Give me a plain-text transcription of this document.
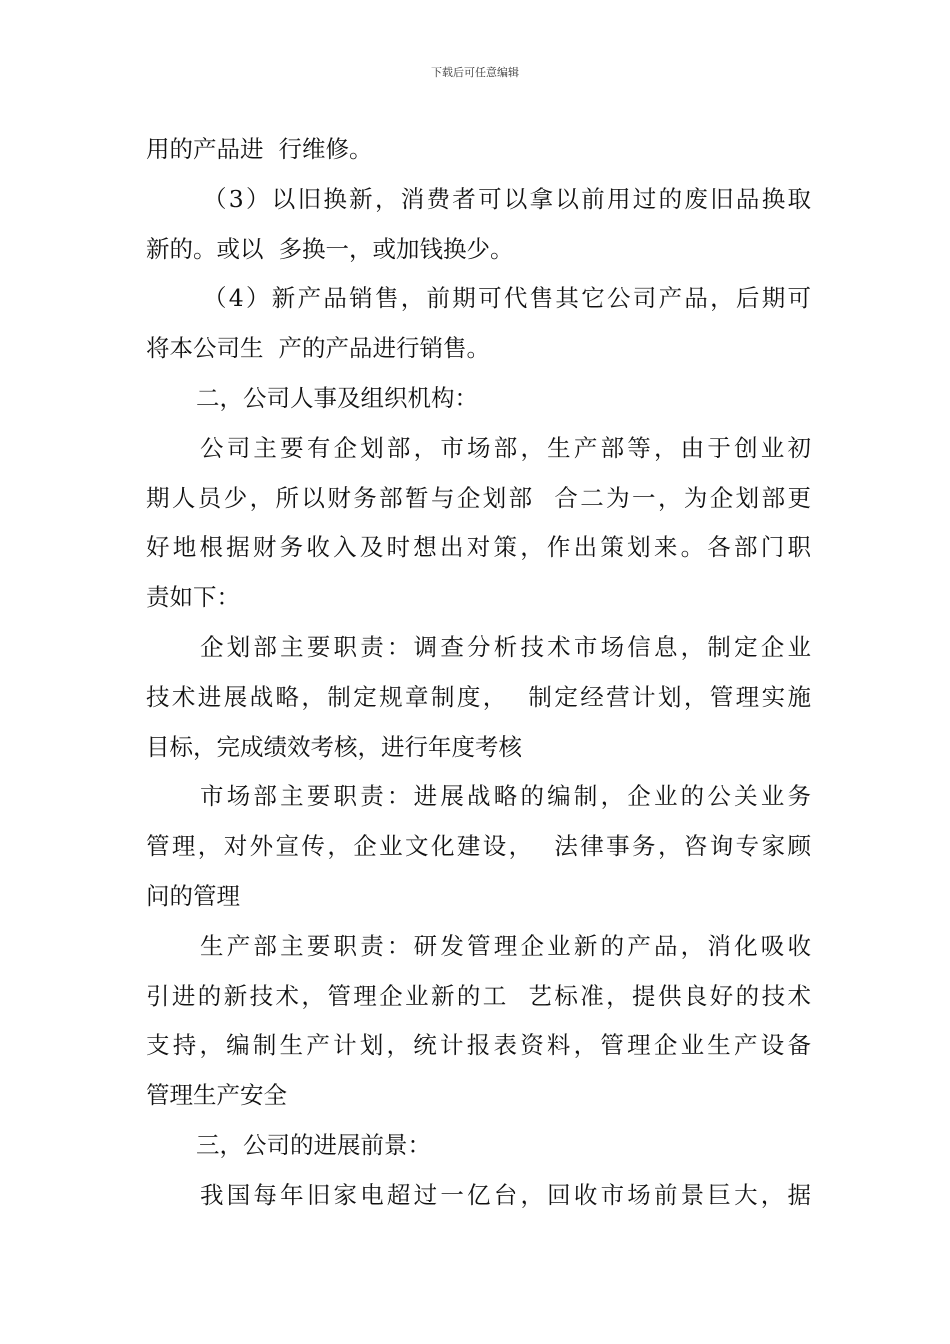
下载后可任意编辑
用的产品进  行维修。
（3）以旧换新，消费者可以拿以前用过的废旧品换取
新的。或以  多换一，或加钱换少。
（4）新产品销售，前期可代售其它公司产品，后期可
将本公司生  产的产品进行销售。
二，公司人事及组织机构：
公司主要有企划部，市场部，生产部等，由于创业初
期人员少，所以财务部暂与企划部  合二为一，为企划部更
好地根据财务收入及时想出对策，作出策划来。各部门职
责如下：
企划部主要职责：调查分析技术市场信息，制定企业
技术进展战略，制定规章制度，  制定经营计划，管理实施
目标，完成绩效考核，进行年度考核
市场部主要职责：进展战略的编制，企业的公关业务
管理，对外宣传，企业文化建设，  法律事务，咨询专家顾
问的管理
生产部主要职责：研发管理企业新的产品，消化吸收
引进的新技术，管理企业新的工  艺标准，提供良好的技术
支持，编制生产计划，统计报表资料，管理企业生产设备
管理生产安全
三，公司的进展前景：
我国每年旧家电超过一亿台，回收市场前景巨大，据
